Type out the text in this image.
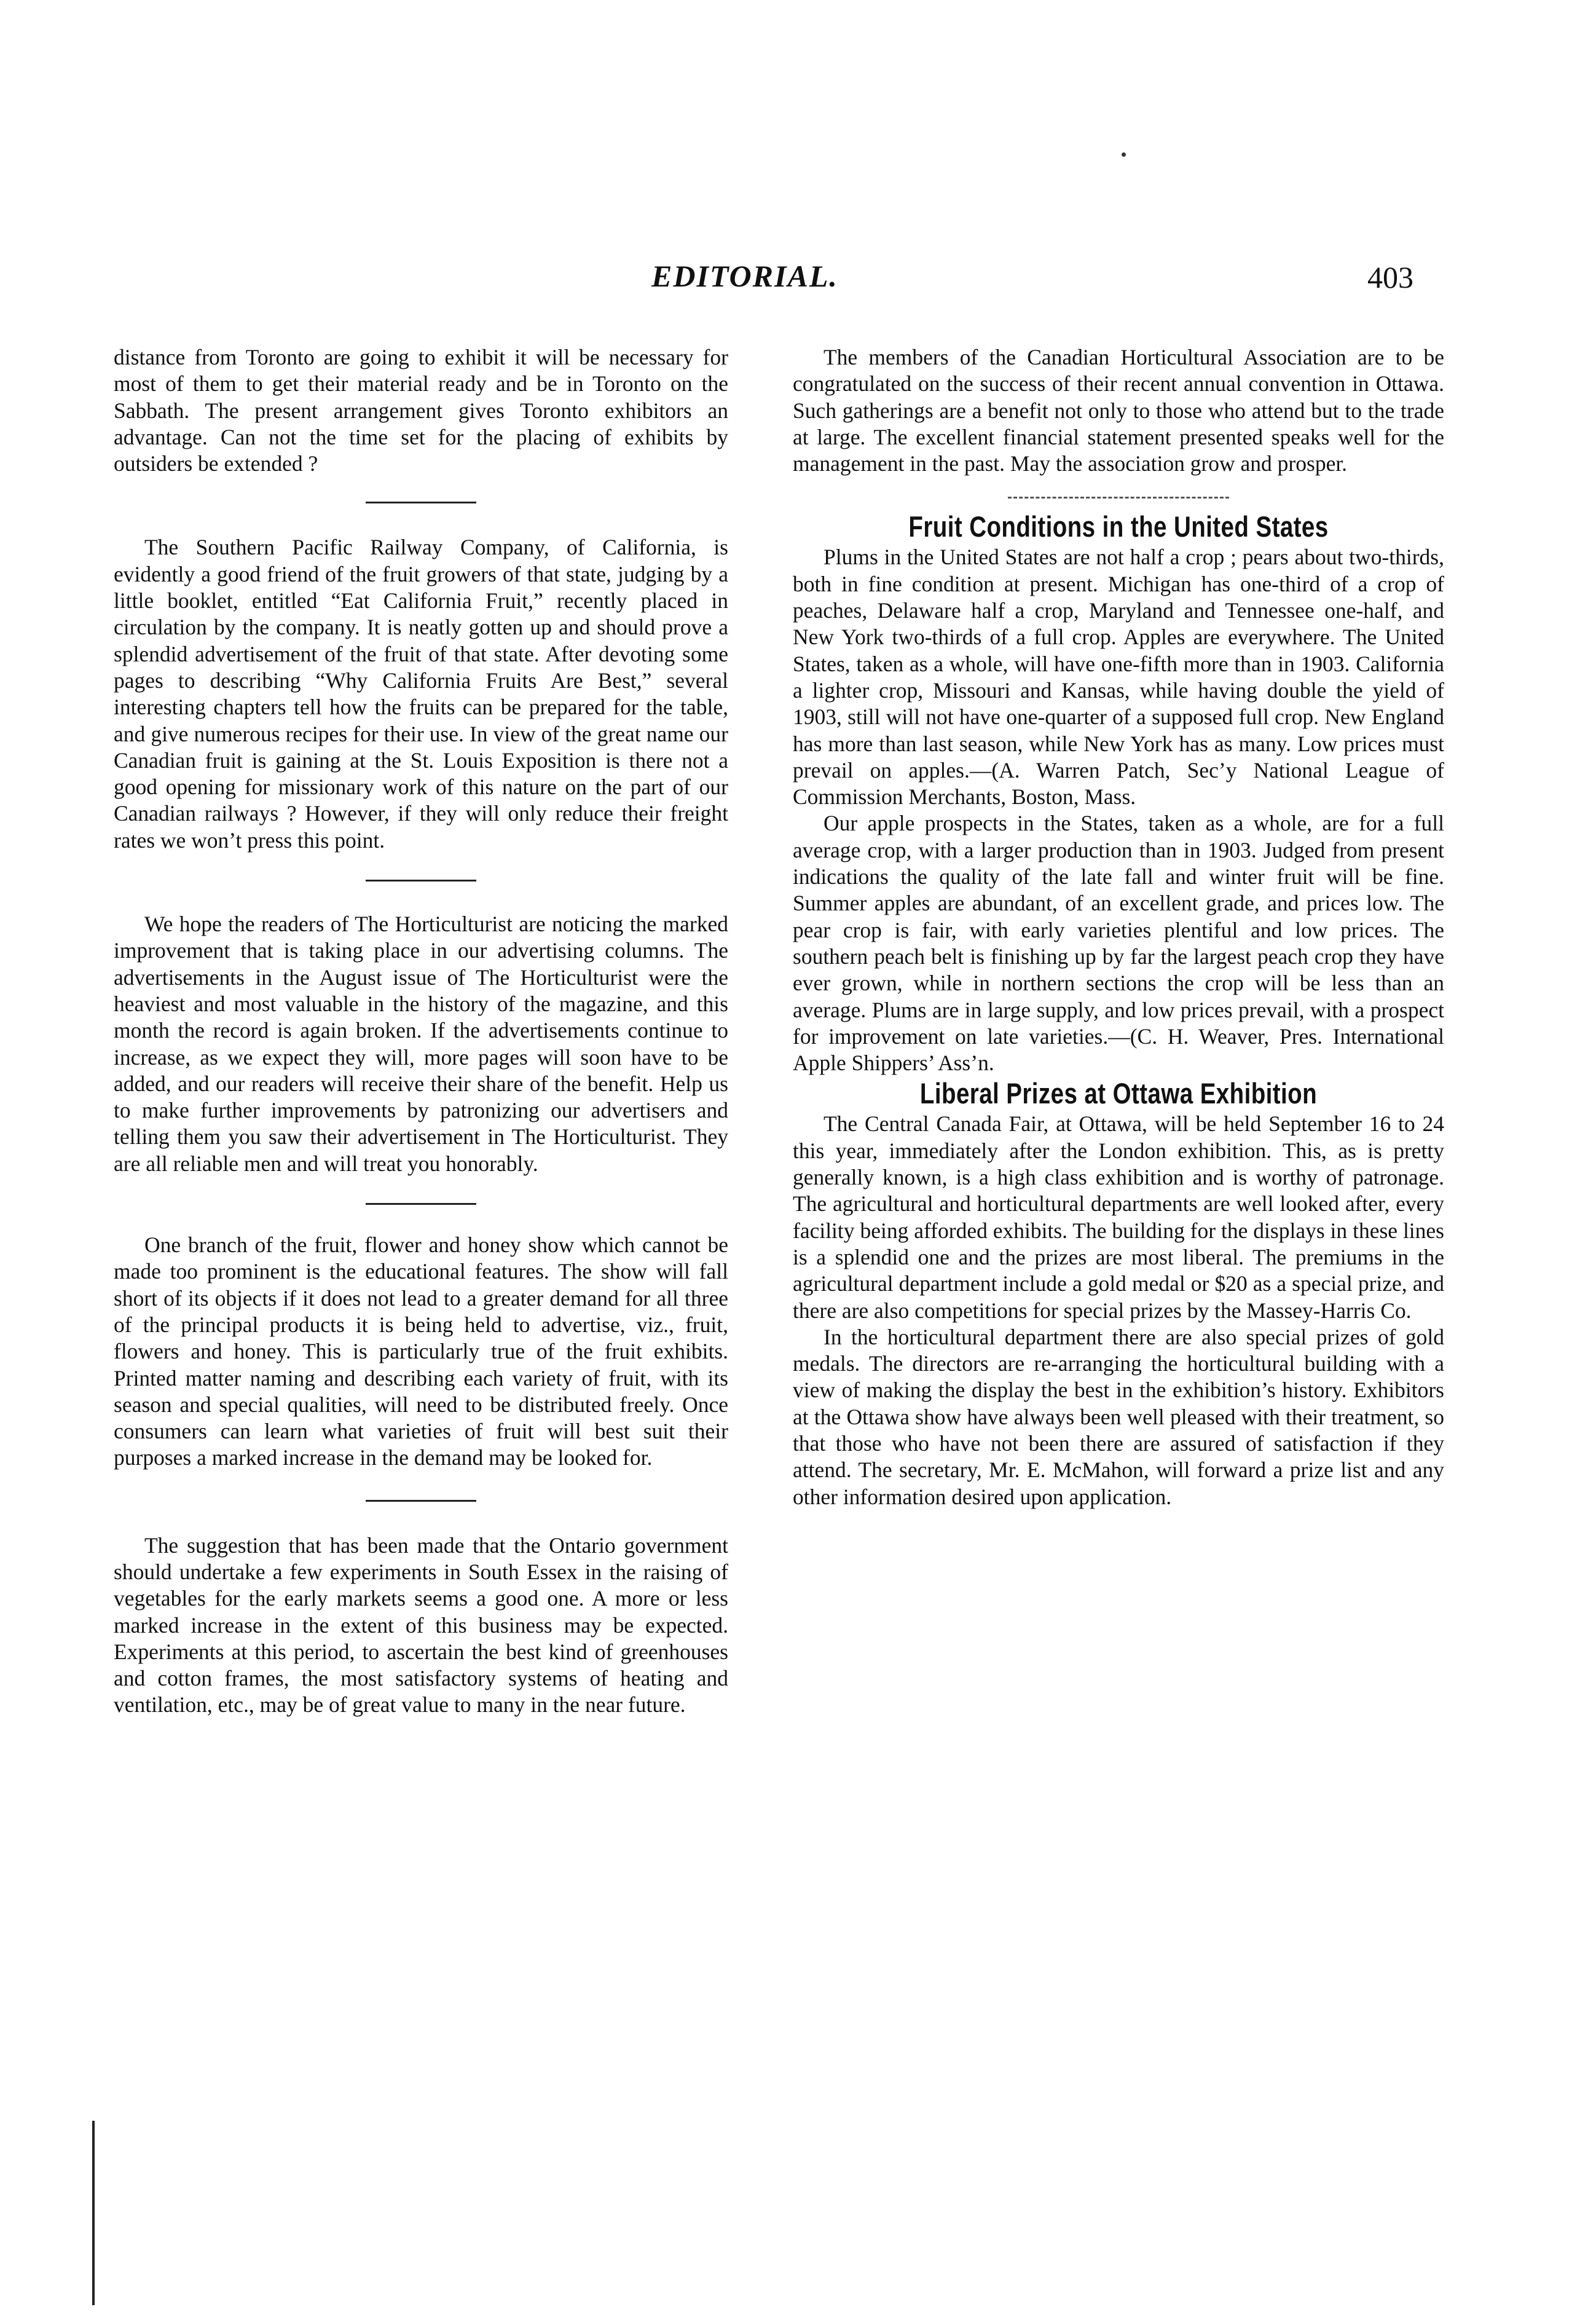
EDITORIAL.	403

distance from Toronto are going to exhibit it will be necessary for most of them to get their material ready and be in Toronto on the Sabbath. The present arrangement gives Toronto exhibitors an advantage. Can not the time set for the placing of exhibits by outsiders be extended ?

The Southern Pacific Railway Company, of California, is evidently a good friend of the fruit growers of that state, judging by a little booklet, entitled “Eat California Fruit,” recently placed in circulation by the company. It is neatly gotten up and should prove a splendid advertisement of the fruit of that state. After devoting some pages to describing “Why California Fruits Are Best,” several interesting chapters tell how the fruits can be prepared for the table, and give numerous recipes for their use. In view of the great name our Canadian fruit is gaining at the St. Louis Exposition is there not a good opening for missionary work of this nature on the part of our Canadian railways ? However, if they will only reduce their freight rates we won’t press this point.

We hope the readers of The Horticulturist are noticing the marked improvement that is taking place in our advertising columns. The advertisements in the August issue of The Horticulturist were the heaviest and most valuable in the history of the magazine, and this month the record is again broken. If the advertisements continue to increase, as we expect they will, more pages will soon have to be added, and our readers will receive their share of the benefit. Help us to make further improvements by patronizing our advertisers and telling them you saw their advertisement in The Horticulturist. They are all reliable men and will treat you honorably.

One branch of the fruit, flower and honey show which cannot be made too prominent is the educational features. The show will fall short of its objects if it does not lead to a greater demand for all three of the principal products it is being held to advertise, viz., fruit, flowers and honey. This is particularly true of the fruit exhibits. Printed matter naming and describing each variety of fruit, with its season and special qualities, will need to be distributed freely. Once consumers can learn what varieties of fruit will best suit their purposes a marked increase in the demand may be looked for.

The suggestion that has been made that the Ontario government should undertake a few experiments in South Essex in the raising of vegetables for the early markets seems a good one. A more or less marked increase in the extent of this business may be expected. Experiments at this period, to ascertain the best kind of greenhouses and cotton frames, the most satisfactory systems of heating and ventilation, etc., may be of great value to many in the near future.

The members of the Canadian Horticultural Association are to be congratulated on the success of their recent annual convention in Ottawa. Such gatherings are a benefit not only to those who attend but to the trade at large. The excellent financial statement presented speaks well for the management in the past. May the association grow and prosper.

Fruit Conditions in the United States

Plums in the United States are not half a crop ; pears about two-thirds, both in fine condition at present. Michigan has one-third of a crop of peaches, Delaware half a crop, Maryland and Tennessee one-half, and New York two-thirds of a full crop. Apples are everywhere. The United States, taken as a whole, will have one-fifth more than in 1903. California a lighter crop, Missouri and Kansas, while having double the yield of 1903, still will not have one-quarter of a supposed full crop. New England has more than last season, while New York has as many. Low prices must prevail on apples.—(A. Warren Patch, Sec’y National League of Commission Merchants, Boston, Mass.

Our apple prospects in the States, taken as a whole, are for a full average crop, with a larger production than in 1903. Judged from present indications the quality of the late fall and winter fruit will be fine. Summer apples are abundant, of an excellent grade, and prices low. The pear crop is fair, with early varieties plentiful and low prices. The southern peach belt is finishing up by far the largest peach crop they have ever grown, while in northern sections the crop will be less than an average. Plums are in large supply, and low prices prevail, with a prospect for improvement on late varieties.—(C. H. Weaver, Pres. International Apple Shippers’ Ass’n.

Liberal Prizes at Ottawa Exhibition

The Central Canada Fair, at Ottawa, will be held September 16 to 24 this year, immediately after the London exhibition. This, as is pretty generally known, is a high class exhibition and is worthy of patronage. The agricultural and horticultural departments are well looked after, every facility being afforded exhibits. The building for the displays in these lines is a splendid one and the prizes are most liberal. The premiums in the agricultural department include a gold medal or $20 as a special prize, and there are also competitions for special prizes by the Massey-Harris Co.

In the horticultural department there are also special prizes of gold medals. The directors are re-arranging the horticultural building with a view of making the display the best in the exhibition’s history. Exhibitors at the Ottawa show have always been well pleased with their treatment, so that those who have not been there are assured of satisfaction if they attend. The secretary, Mr. E. McMahon, will forward a prize list and any other information desired upon application.
